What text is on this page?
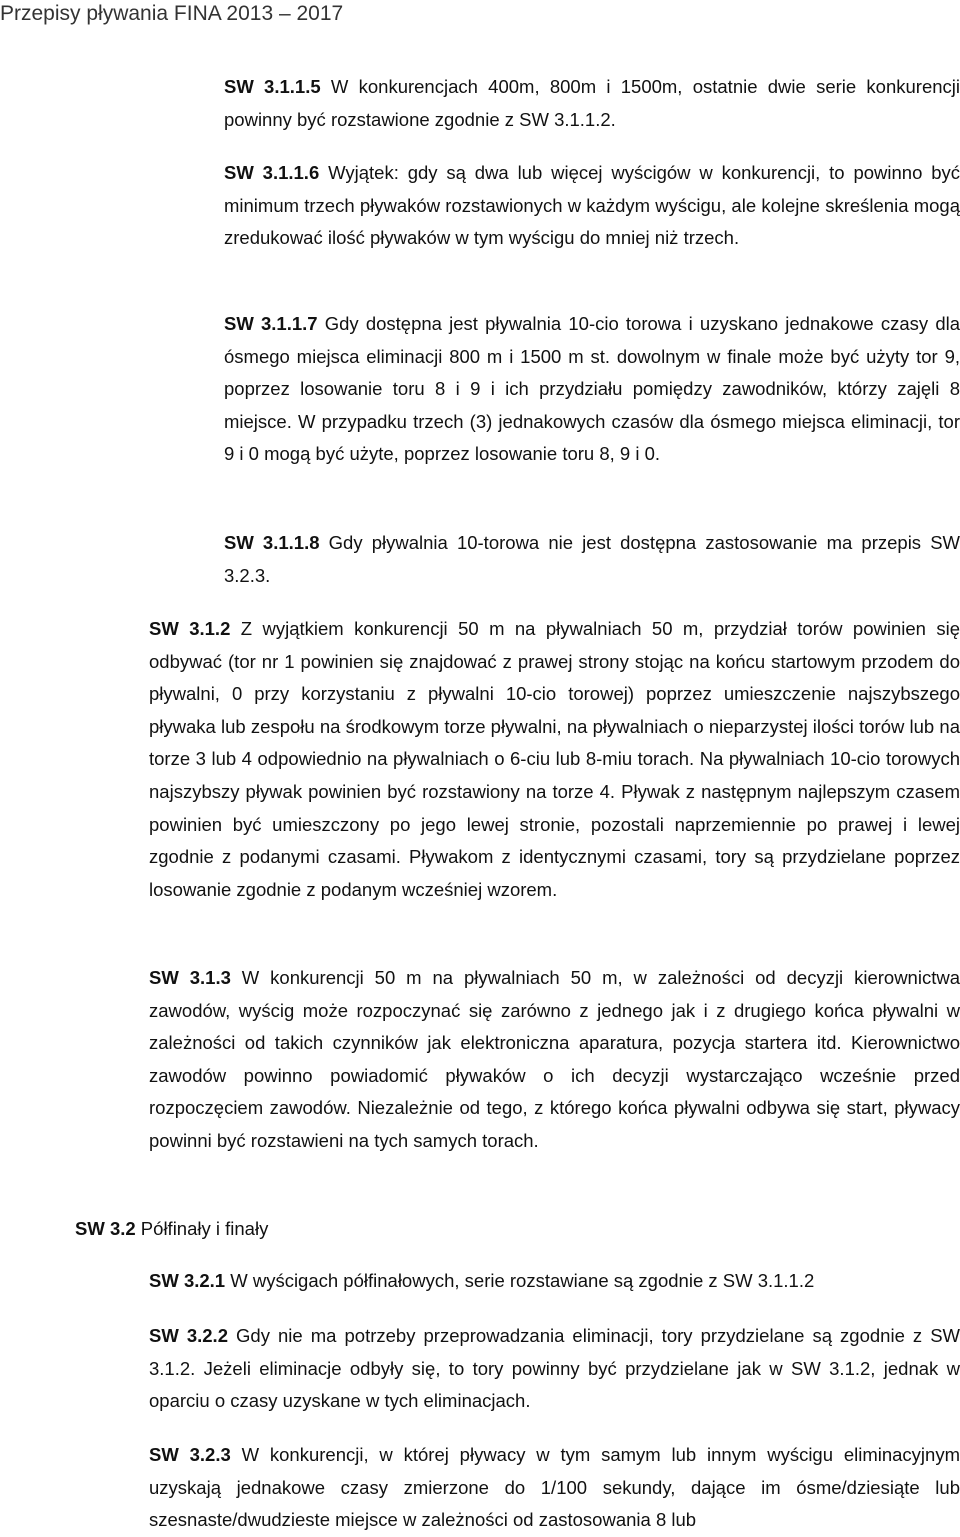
Przepisy pływania FINA 2013 – 2017
SW 3.1.1.5 W konkurencjach 400m, 800m i 1500m, ostatnie dwie serie konkurencji powinny być rozstawione zgodnie z SW 3.1.1.2.
SW 3.1.1.6 Wyjątek: gdy są dwa lub więcej wyścigów w konkurencji, to powinno być minimum trzech pływaków rozstawionych w każdym wyścigu, ale kolejne skreślenia mogą zredukować ilość pływaków w tym wyścigu do mniej niż trzech.
SW 3.1.1.7 Gdy dostępna jest pływalnia 10-cio torowa i uzyskano jednakowe czasy dla ósmego miejsca eliminacji 800 m i 1500 m st. dowolnym w finale może być użyty tor 9, poprzez losowanie toru 8 i 9 i ich przydziału pomiędzy zawodników, którzy zajęli 8 miejsce. W przypadku trzech (3) jednakowych czasów dla ósmego miejsca eliminacji, tor 9 i 0 mogą być użyte, poprzez losowanie toru 8, 9 i 0.
SW 3.1.1.8 Gdy pływalnia 10-torowa nie jest dostępna zastosowanie ma przepis SW 3.2.3.
SW 3.1.2 Z wyjątkiem konkurencji 50 m na pływalniach 50 m, przydział torów powinien się odbywać (tor nr 1 powinien się znajdować z prawej strony stojąc na końcu startowym przodem do pływalni, 0 przy korzystaniu z pływalni 10-cio torowej) poprzez umieszczenie najszybszego pływaka lub zespołu na środkowym torze pływalni, na pływalniach o nieparzystej ilości torów lub na torze 3 lub 4 odpowiednio na pływalniach o 6-ciu lub 8-miu torach. Na pływalniach 10-cio torowych najszybszy pływak powinien być rozstawiony na torze 4. Pływak z następnym najlepszym czasem powinien być umieszczony po jego lewej stronie, pozostali naprzemiennie po prawej i lewej zgodnie z podanymi czasami. Pływakom z identycznymi czasami, tory są przydzielane poprzez losowanie zgodnie z podanym wcześniej wzorem.
SW 3.1.3 W konkurencji 50 m na pływalniach 50 m, w zależności od decyzji kierownictwa zawodów, wyścig może rozpoczynać się zarówno z jednego jak i z drugiego końca pływalni w zależności od takich czynników jak elektroniczna aparatura, pozycja startera itd. Kierownictwo zawodów powinno powiadomić pływaków o ich decyzji wystarczająco wcześnie przed rozpoczęciem zawodów. Niezależnie od tego, z którego końca pływalni odbywa się start, pływacy powinni być rozstawieni na tych samych torach.
SW 3.2 Półfinały i finały
SW 3.2.1 W wyścigach półfinałowych, serie rozstawiane są zgodnie z SW 3.1.1.2
SW 3.2.2 Gdy nie ma potrzeby przeprowadzania eliminacji, tory przydzielane są zgodnie z SW 3.1.2. Jeżeli eliminacje odbyły się, to tory powinny być przydzielane jak w SW 3.1.2, jednak w oparciu o czasy uzyskane w tych eliminacjach.
SW 3.2.3 W konkurencji, w której pływacy w tym samym lub innym wyścigu eliminacyjnym uzyskają jednakowe czasy zmierzone do 1/100 sekundy, dające im ósme/dziesiąte lub szesnaste/dwudzieste miejsce w zależności od zastosowania 8 lub
